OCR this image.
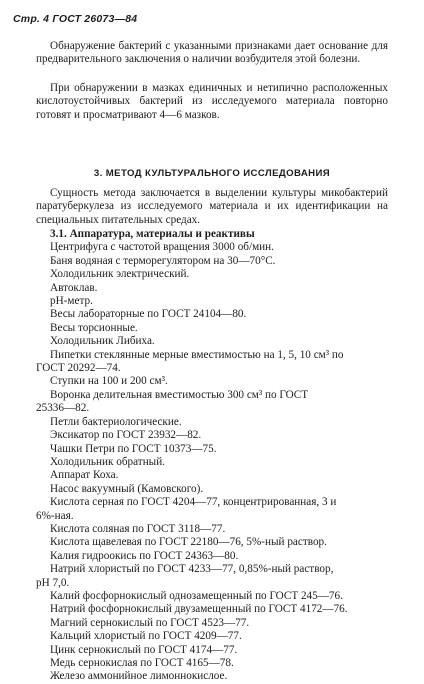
Стр. 4 ГОСТ 26073—84

Обнаружение бактерий с указанными признаками дает основание для предварительного заключения о наличии возбудителя этой болезни.

При обнаружении в мазках единичных и нетипично расположенных кислотоустойчивых бактерий из исследуемого материала повторно готовят и просматривают 4—6 мазков.

3. МЕТОД КУЛЬТУРАЛЬНОГО ИССЛЕДОВАНИЯ

Сущность метода заключается в выделении культуры микобактерий паратуберкулеза из исследуемого материала и их идентификации на специальных питательных средах.

3.1. Аппаратура, материалы и реактивы
Центрифуга с частотой вращения 3000 об/мин.
Баня водяная с терморегулятором на 30—70°С.
Холодильник электрический.
Автоклав.
pH-метр.
Весы лабораторные по ГОСТ 24104—80.
Весы торсионные.
Холодильник Либиха.
Пипетки стеклянные мерные вместимостью на 1, 5, 10 см³ по
ГОСТ 20292—74.
Ступки на 100 и 200 см³.
Воронка делительная вместимостью 300 см³ по ГОСТ
25336—82.
Петли бактериологические.
Эксикатор по ГОСТ 23932—82.
Чашки Петри по ГОСТ 10373—75.
Холодильник обратный.
Аппарат Коха.
Насос вакуумный (Камовского).
Кислота серная по ГОСТ 4204—77, концентрированная, 3 и
6%-ная.
Кислота соляная по ГОСТ 3118—77.
Кислота щавелевая по ГОСТ 22180—76, 5%-ный раствор.
Калия гидроокись по ГОСТ 24363—80.
Натрий хлористый по ГОСТ 4233—77, 0,85%-ный раствор,
pH 7,0.
Калий фосфорнокислый однозамещенный по ГОСТ 245—76.
Натрий фосфорнокислый двузамещенный по ГОСТ 4172—76.
Магний сернокислый по ГОСТ 4523—77.
Кальций хлористый по ГОСТ 4209—77.
Цинк сернокислый по ГОСТ 4174—77.
Медь сернокислая по ГОСТ 4165—78.
Железо аммонийное лимоннокислое.
